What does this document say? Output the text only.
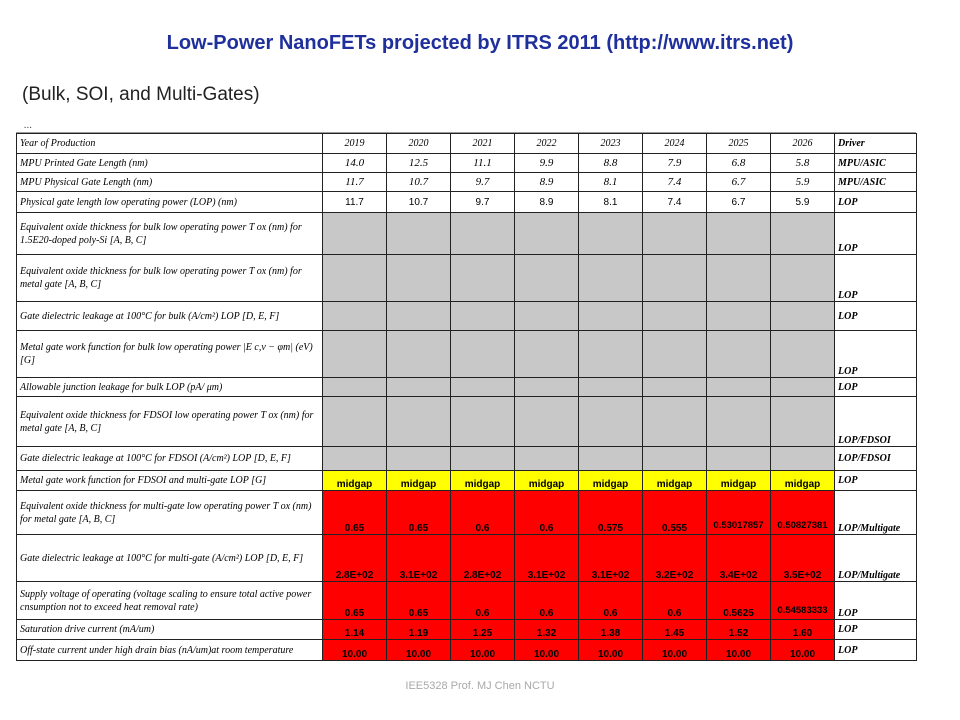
Low-Power NanoFETs projected by ITRS 2011 (http://www.itrs.net)
(Bulk, SOI, and Multi-Gates)
...
Year of Production	2019	2020	2021	2022	2023	2024	2025	2026	Driver
MPU Printed Gate Length (nm)	14.0	12.5	11.1	9.9	8.8	7.9	6.8	5.8	MPU/ASIC
MPU Physical Gate Length (nm)	11.7	10.7	9.7	8.9	8.1	7.4	6.7	5.9	MPU/ASIC
Physical gate length low operating power (LOP) (nm)	11.7	10.7	9.7	8.9	8.1	7.4	6.7	5.9	LOP
Equivalent oxide thickness for bulk low operating power T ox (nm) for 1.5E20-doped poly-Si [A, B, C]									LOP
Equivalent oxide thickness for bulk low operating power T ox (nm) for metal gate [A, B, C]									LOP
Gate dielectric leakage at 100°C for bulk (A/cm²) LOP [D, E, F]									LOP
Metal gate work function for bulk low operating power |E c,v − φm| (eV) [G]									LOP
Allowable junction leakage for bulk LOP (pA/ μm)									LOP
Equivalent oxide thickness for FDSOI low operating power T ox (nm) for metal gate [A, B, C]									LOP/FDSOI
Gate dielectric leakage at 100°C for FDSOI (A/cm²) LOP [D, E, F]									LOP/FDSOI
Metal gate work function for FDSOI and multi-gate LOP [G]	midgap	midgap	midgap	midgap	midgap	midgap	midgap	midgap	LOP
Equivalent oxide thickness for multi-gate low operating power T ox (nm) for metal gate [A, B, C]	0.65	0.65	0.6	0.6	0.575	0.555	0.53017857	0.50827381	LOP/Multigate
Gate dielectric leakage at 100°C for multi-gate (A/cm²) LOP [D, E, F]	2.8E+02	3.1E+02	2.8E+02	3.1E+02	3.1E+02	3.2E+02	3.4E+02	3.5E+02	LOP/Multigate
Supply voltage of operating (voltage scaling to ensure total active power cnsumption not to exceed heat removal rate)	0.65	0.65	0.6	0.6	0.6	0.6	0.5625	0.54583333	LOP
Saturation drive current (mA/um)	1.14	1.19	1.25	1.32	1.38	1.45	1.52	1.60	LOP
Off-state current under high drain bias (nA/um)at room temperature	10.00	10.00	10.00	10.00	10.00	10.00	10.00	10.00	LOP
IEE5328 Prof. MJ Chen NCTU
